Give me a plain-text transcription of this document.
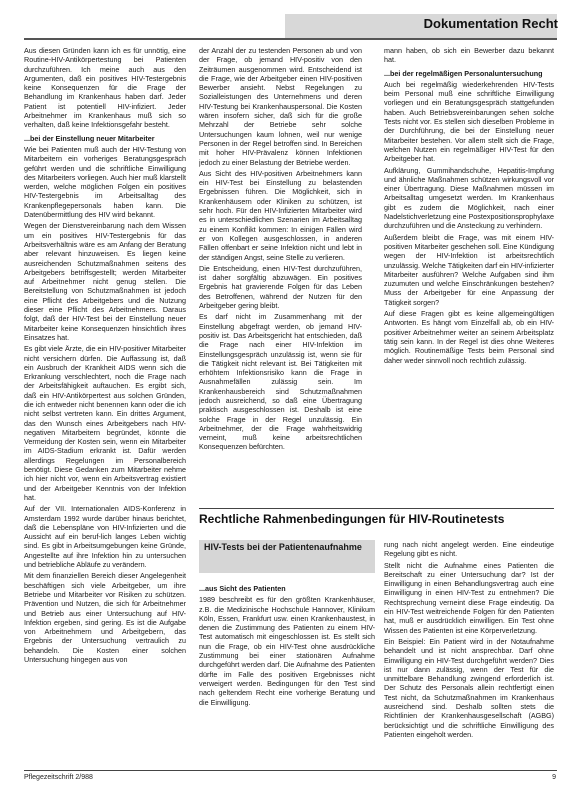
Dokumentation Recht

Aus diesen Gründen kann ich es für unnötig, eine Routine-HIV-Antikörpertestung bei Patienten durchzuführen. Ich meine auch aus den Argumenten, daß ein positives HIV-Testergebnis keine Konsequenzen für die Frage der Behandlung im Krankenhaus haben darf. Jeder Patient ist potentiell HIV-infiziert. Jeder Arbeitnehmer im Krankenhaus muß sich so verhalten, daß keine Infektionsgefahr besteht.

...bei der Einstellung neuer Mitarbeiter

Wie bei Patienten muß auch der HIV-Testung von Mitarbeitern ein vorheriges Beratungsgespräch geführt werden und die schriftliche Einwilligung des Mitarbeiters vorliegen. Auch hier muß klarstellt werden, welche möglichen Folgen ein positives HIV-Testergebnis im Arbeitsalltag des Krankenpflegepersonals haben kann. Die Datenübermittlung des HIV wird bekannt.

Wegen der Dienstvereinbarung nach dem Wissen um ein positives HIV-Testergebnis für das Arbeitsverhältnis wäre es am Anfang der Beratung aber relevant hinzuweisen. Es liegen keine ausreichenden Schutzmaßnahmen seitens des Arbeitgebers betriffsgestellt; werden Mitarbeiter auf Arbeitnehmer nicht genug stellen. Die Bereitstellung von Schutzmaßnahmen ist jedoch eine Pflicht des Arbeitgebers und die Nutzung dieser eine Pflicht des Arbeitnehmers. Daraus folgt, daß der HIV-Test bei der Einstellung neuer Mitarbeiter keine Konsequenzen hinsichtlich ihres Einsatzes hat.

Es gibt viele Ärzte, die ein HIV-positiver Mitarbeiter nicht versichern dürfen. Die Auffassung ist, daß ein Ausbruch der Krankheit AIDS wenn sich die Erkrankung verschlechtert, noch die Frage nach der Arbeitsfähigkeit auftauchen. Es ergibt sich, daß ein HIV-Antikörpertest aus solchen Gründen, die ich entweder nicht benennen kann oder die ich nicht selbst vertreten kann. Ein drittes Argument, das den Wunsch eines Arbeitgebers nach HIV-negativen Mitarbeitern begründet, könnte die Vermeidung der Kosten sein, wenn ein Mitarbeiter im AIDS-Stadium erkrankt ist. Dafür werden allerdings Regelungen im Personalbereich benötigt. Diese Gedanken zum Mitarbeiter nehme ich hier nicht vor, wenn ein Arbeitsvertrag existiert und der Arbeitgeber Kenntnis von der Infektion hat.

Auf der VII. Internationalen AIDS-Konferenz in Amsterdam 1992 wurde darüber hinaus berichtet, daß die Lebenspläne von HIV-Infizierten und die Aussicht auf ein beruf-lich langes Leben wichtig sind. Es gibt in Arbeitsumgebungen keine Gründe, Angestellte auf ihre Infektion hin zu untersuchen und betriebliche Abläufe zu verändern.

Mit dem finanziellen Bereich dieser Angelegenheit beschäftigen sich viele Arbeitgeber, um ihre Betriebe und Mitarbeiter vor Risiken zu schützen. Prävention und Nutzen, die sich für Arbeitnehmer und Betrieb aus einer Untersuchung auf HIV-Infektion ergeben, sind gering. Es ist die Aufgabe von Arbeitnehmern und Arbeitgebern, das Ergebnis der Untersuchung vertraulich zu behandeln. Die Kosten einer solchen Untersuchung hingegen aus von

der Anzahl der zu testenden Personen ab und von der Frage, ob jemand HIV-positiv von den Zeiträumen ausgenommen wird. Entscheidend ist die Frage, wie der Arbeitgeber einen HIV-positiven Bewerber ansieht. Nebst Regelungen zu Sozialleistungen des Unternehmens und deren HIV-Testung bei Krankenhauspersonal. Die Kosten wären insofern sicher, daß sich für die große Mehrzahl der Betriebe sehr solche Untersuchungen kaum lohnen, weil nur wenige Personen in der Regel betroffen sind. In Bereichen mit hoher HIV-Prävalenz können Infektionen jedoch zu einer Belastung der Betriebe werden.

Aus Sicht des HIV-positiven Arbeitnehmers kann ein HIV-Test bei Einstellung zu belastenden Ergebnissen führen. Die Möglichkeit, sich in Krankenhäusern oder Kliniken zu schützen, ist sehr hoch. Für den HIV-Infizierten Mitarbeiter wird es in unterschiedlichen Szenarien im Arbeitsalltag zu einem Konflikt kommen: In einigen Fällen wird er von Kollegen ausgeschlossen, in anderen Fällen offenbart er seine Infektion nicht und lebt in der ständigen Angst, seine Stelle zu verlieren.

Die Entscheidung, einen HIV-Test durchzuführen, ist daher sorgfältig abzuwägen. Ein positives Ergebnis hat gravierende Folgen für das Leben des Betroffenen, während der Nutzen für den Arbeitgeber gering bleibt.

Es darf nicht im Zusammenhang mit der Einstellung abgefragt werden, ob jemand HIV-positiv ist. Das Arbeitsgericht hat entschieden, daß die Frage nach einer HIV-Infektion im Einstellungsgespräch unzulässig ist, wenn sie für die Tätigkeit nicht relevant ist. Bei Tätigkeiten mit erhöhtem Infektionsrisiko kann die Frage in Ausnahmefällen zulässig sein. Im Krankenhausbereich sind Schutzmaßnahmen jedoch ausreichend, so daß eine Übertragung praktisch ausgeschlossen ist. Deshalb ist eine solche Frage in der Regel unzulässig. Ein Arbeitnehmer, der die Frage wahrheitswidrig verneint, muß keine arbeitsrechtlichen Konsequenzen befürchten.

mann haben, ob sich ein Bewerber dazu bekannt hat.

...bei der regelmäßigen Personaluntersuchung

Auch bei regelmäßig wiederkehrenden HIV-Tests beim Personal muß eine schriftliche Einwilligung vorliegen und ein Beratungsgespräch stattgefunden haben. Auch Betriebsvereinbarungen sehen solche Tests nicht vor. Es stellen sich dieselben Probleme in der Durchführung, die bei der Einstellung neuer Mitarbeiter bestehen. Vor allem stellt sich die Frage, welchen Nutzen ein regelmäßiger HIV-Test für den Arbeitgeber hat.

Aufklärung, Gummihandschuhe, Hepatitis-Impfung und ähnliche Maßnahmen schützen wirkungsvoll vor einer Übertragung. Diese Maßnahmen müssen im Arbeitsalltag umgesetzt werden. Im Krankenhaus gibt es zudem die Möglichkeit, nach einer Nadelstichverletzung eine Postexpositionsprophylaxe durchzuführen und die Ansteckung zu verhindern.

Außerdem bleibt die Frage, was mit einem HIV-positiven Mitarbeiter geschehen soll. Eine Kündigung wegen der HIV-Infektion ist arbeitsrechtlich unzulässig. Welche Tätigkeiten darf ein HIV-infizierter Mitarbeiter ausführen? Welche Aufgaben sind ihm zuzumuten und welche Einschränkungen bestehen? Muss der Arbeitgeber für eine Anpassung der Tätigkeit sorgen?

Auf diese Fragen gibt es keine allgemeingültigen Antworten. Es hängt vom Einzelfall ab, ob ein HIV-positiver Arbeitnehmer weiter an seinem Arbeitsplatz tätig sein kann. In der Regel ist dies ohne Weiteres möglich. Routinemäßige Tests beim Personal sind daher weder sinnvoll noch rechtlich zulässig.

Rechtliche Rahmenbedingungen für HIV-Routinetests
HIV-Tests bei der Patientenaufnahme
...aus Sicht des Patienten

1989 beschreibt es für den größten Krankenhäuser, z.B. die Medizinische Hochschule Hannover, Klinikum Köln, Essen, Frankfurt usw. einen Krankenhaustest, in denen die Zustimmung des Patienten zu einem HIV-Test automatisch mit eingeschlossen ist. Es stellt sich nun die Frage, ob ein HIV-Test ohne ausdrückliche Zustimmung bei einer stationären Aufnahme durchgeführt werden darf. Die Aufnahme des Patienten dürfte im Falle des positiven Ergebnisses nicht verweigert werden. Bedingungen für den Test sind nach geltendem Recht eine vorherige Beratung und die Einwilligung.

rung nach nicht angelegt werden. Eine eindeutige Regelung gibt es nicht.

Stellt nicht die Aufnahme eines Patienten die Bereitschaft zu einer Untersuchung dar? Ist der Einwilligung in einen Behandlungsvertrag auch eine Einwilligung in einen HIV-Test zu entnehmen? Die Rechtsprechung verneint diese Frage eindeutig. Da ein HIV-Test weitreichende Folgen für den Patienten hat, muß er ausdrücklich einwilligen. Ein Test ohne Wissen des Patienten ist eine Körperverletzung.

Ein Beispiel: Ein Patient wird in der Notaufnahme behandelt und ist nicht ansprechbar. Darf ohne Einwilligung ein HIV-Test durchgeführt werden? Dies ist nur dann zulässig, wenn der Test für die unmittelbare Behandlung zwingend erforderlich ist. Der Schutz des Personals allein rechtfertigt einen Test nicht, da Schutzmaßnahmen im Krankenhaus ausreichend sind. Deshalb sollten stets die Richtlinien der Krankenhausgesellschaft (AGBG) berücksichtigt und die schriftliche Einwilligung des Patienten eingeholt werden.

Pflegezeitschrift 2/988	9
